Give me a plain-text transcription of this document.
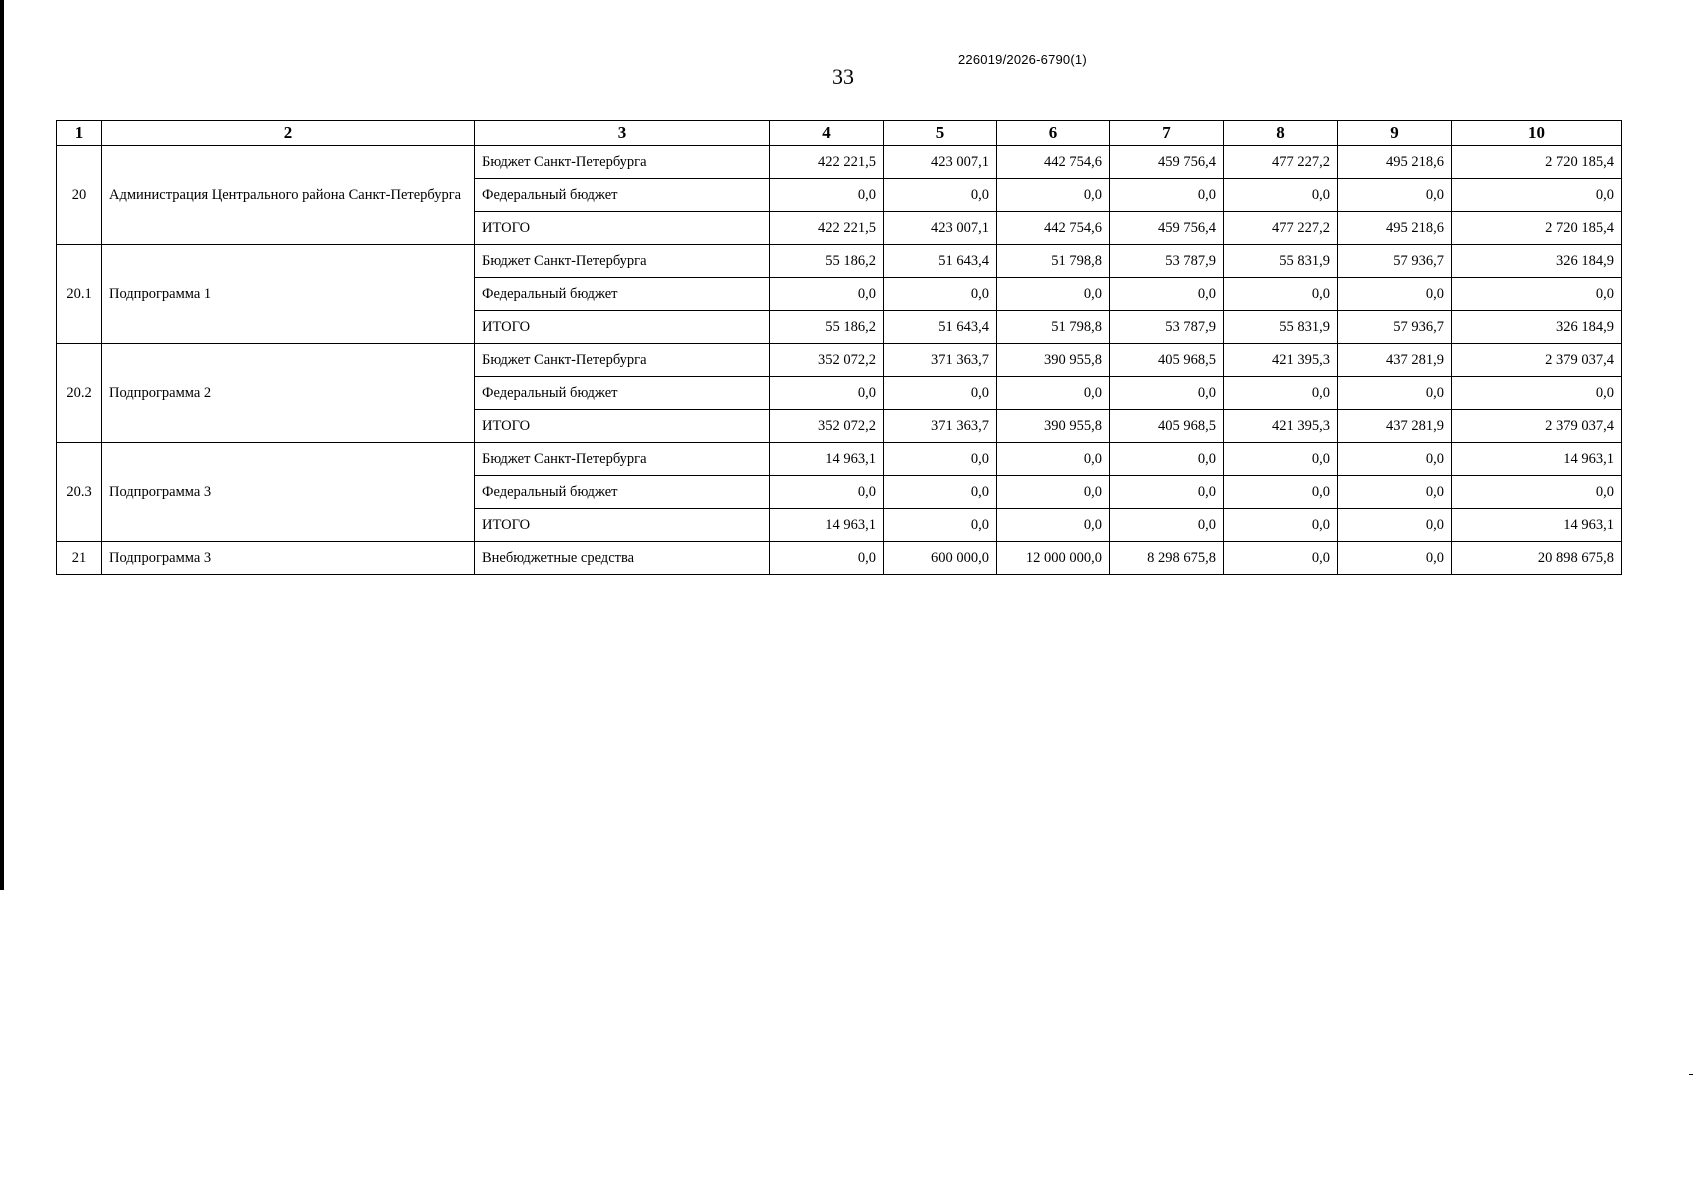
226019/2026-6790(1)
33
1	2	3	4	5	6	7	8	9	10
20	Администрация Центрального района Санкт-Петербурга	Бюджет Санкт-Петербурга	422 221,5	423 007,1	442 754,6	459 756,4	477 227,2	495 218,6	2 720 185,4
		Федеральный бюджет	0,0	0,0	0,0	0,0	0,0	0,0	0,0
		ИТОГО	422 221,5	423 007,1	442 754,6	459 756,4	477 227,2	495 218,6	2 720 185,4
20.1	Подпрограмма 1	Бюджет Санкт-Петербурга	55 186,2	51 643,4	51 798,8	53 787,9	55 831,9	57 936,7	326 184,9
		Федеральный бюджет	0,0	0,0	0,0	0,0	0,0	0,0	0,0
		ИТОГО	55 186,2	51 643,4	51 798,8	53 787,9	55 831,9	57 936,7	326 184,9
20.2	Подпрограмма 2	Бюджет Санкт-Петербурга	352 072,2	371 363,7	390 955,8	405 968,5	421 395,3	437 281,9	2 379 037,4
		Федеральный бюджет	0,0	0,0	0,0	0,0	0,0	0,0	0,0
		ИТОГО	352 072,2	371 363,7	390 955,8	405 968,5	421 395,3	437 281,9	2 379 037,4
20.3	Подпрограмма 3	Бюджет Санкт-Петербурга	14 963,1	0,0	0,0	0,0	0,0	0,0	14 963,1
		Федеральный бюджет	0,0	0,0	0,0	0,0	0,0	0,0	0,0
		ИТОГО	14 963,1	0,0	0,0	0,0	0,0	0,0	14 963,1
21	Подпрограмма 3	Внебюджетные средства	0,0	600 000,0	12 000 000,0	8 298 675,8	0,0	0,0	20 898 675,8
